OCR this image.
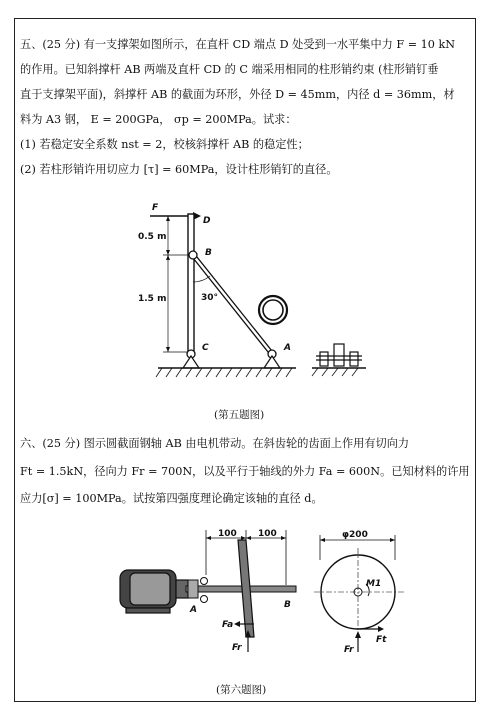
五、(25 分) 有一支撑架如图所示，在直杆 CD 端点 D 处受到一水平集中力 F = 10 kN
的作用。已知斜撑杆 AB 两端及直杆 CD 的 C 端采用相同的柱形销约束 (柱形销钉垂
直于支撑架平面)，斜撑杆 AB 的截面为环形，外径 D = 45mm，内径 d = 36mm，材
料为 A3 钢， E = 200GPa， σp = 200MPa。试求：
(1) 若稳定安全系数 nst = 2，校核斜撑杆 AB 的稳定性；
(2) 若柱形销许用切应力 [τ] = 60MPa，设计柱形销钉的直径。
F
D
0.5 m
1.5 m
B
30°
C	A
(第五题图)
六、(25 分) 图示圆截面钢轴 AB 由电机带动。在斜齿轮的齿面上作用有切向力
Ft = 1.5kN，径向力 Fr = 700N，以及平行于轴线的外力 Fa = 600N。已知材料的许用
应力[σ] = 100MPa。试按第四强度理论确定该轴的直径 d。
A	B
100 100
Fa
Fr
φ200
M1
Fr
Ft
(第六题图)
